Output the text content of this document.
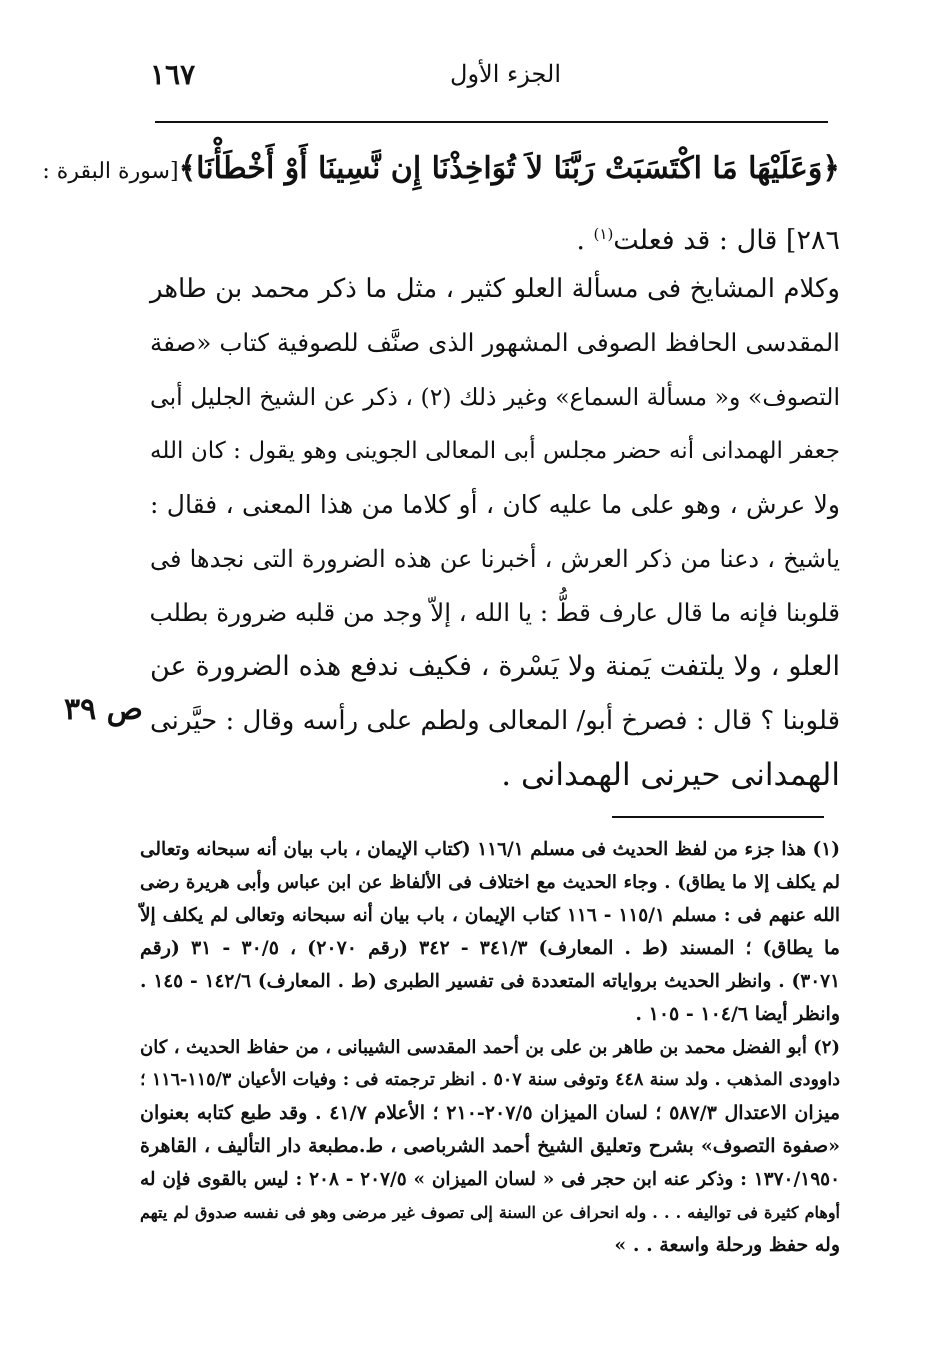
١٦٧	الجزء الأول
﴿وَعَلَيْهَا مَا اكْتَسَبَتْ رَبَّنَا لاَ تُوَاخِذْنَا إِن نَّسِينَا أَوْ أَخْطَأْنَا﴾[سورة البقرة :
٢٨٦] قال : قد فعلت$^{(١)}$ .
وكلام المشايخ فى مسألة العلو كثير ، مثل ما ذكر محمد بن طاهر
المقدسى الحافظ الصوفى المشهور الذى صنَّف للصوفية كتاب «صفة
التصوف» و« مسألة السماع» وغير ذلك (٢) ، ذكر عن الشيخ الجليل أبى
جعفر الهمدانى أنه حضر مجلس أبى المعالى الجوينى وهو يقول : كان الله
ولا عرش ، وهو على ما عليه كان ، أو كلاما من هذا المعنى ، فقال :
ياشيخ ، دعنا من ذكر العرش ، أخبرنا عن هذه الضرورة التى نجدها فى
قلوبنا فإنه ما قال عارف قطُّ : يا الله ، إلاّ وجد من قلبه ضرورة بطلب
العلو ، ولا يلتفت يَمنة ولا يَسْرة ، فكيف ندفع هذه الضرورة عن
قلوبنا ؟ قال : فصرخ أبو/ المعالى ولطم على رأسه وقال : حيَّرنى
الهمدانى حيرنى الهمدانى .
ص ٣٩
(١) هذا جزء من لفظ الحديث فى مسلم ١١٦/١ (كتاب الإيمان ، باب بيان أنه سبحانه وتعالى
لم يكلف إلا ما يطاق) . وجاء الحديث مع اختلاف فى الألفاظ عن ابن عباس وأبى هريرة رضى
الله عنهم فى : مسلم ١١٥/١ - ١١٦ كتاب الإيمان ، باب بيان أنه سبحانه وتعالى لم يكلف إلاّ
ما يطاق) ؛ المسند (ط . المعارف) ٣٤١/٣ - ٣٤٢ (رقم ٢٠٧٠) ، ٣٠/٥ - ٣١ (رقم
٣٠٧١) . وانظر الحديث برواياته المتعددة فى تفسير الطبرى (ط . المعارف) ١٤٢/٦ - ١٤٥ .
وانظر أيضا ١٠٤/٦ - ١٠٥ .
(٢) أبو الفضل محمد بن طاهر بن على بن أحمد المقدسى الشيبانى ، من حفاظ الحديث ، كان
داوودى المذهب . ولد سنة ٤٤٨ وتوفى سنة ٥٠٧ . انظر ترجمته فى : وفيات الأعيان ١١٥/٣-١١٦ ؛
ميزان الاعتدال ٥٨٧/٣ ؛ لسان الميزان ٢٠٧/٥-٢١٠ ؛ الأعلام ٤١/٧ . وقد طبع كتابه بعنوان
«صفوة التصوف» بشرح وتعليق الشيخ أحمد الشرباصى ، ط.مطبعة دار التأليف ، القاهرة
١٣٧٠/١٩٥٠ : وذكر عنه ابن حجر فى « لسان الميزان » ٢٠٧/٥ - ٢٠٨ : ليس بالقوى فإن له
أوهام كثيرة فى تواليفه . . . وله انحراف عن السنة إلى تصوف غير مرضى وهو فى نفسه صدوق لم يتهم
وله حفظ ورحلة واسعة . . »
